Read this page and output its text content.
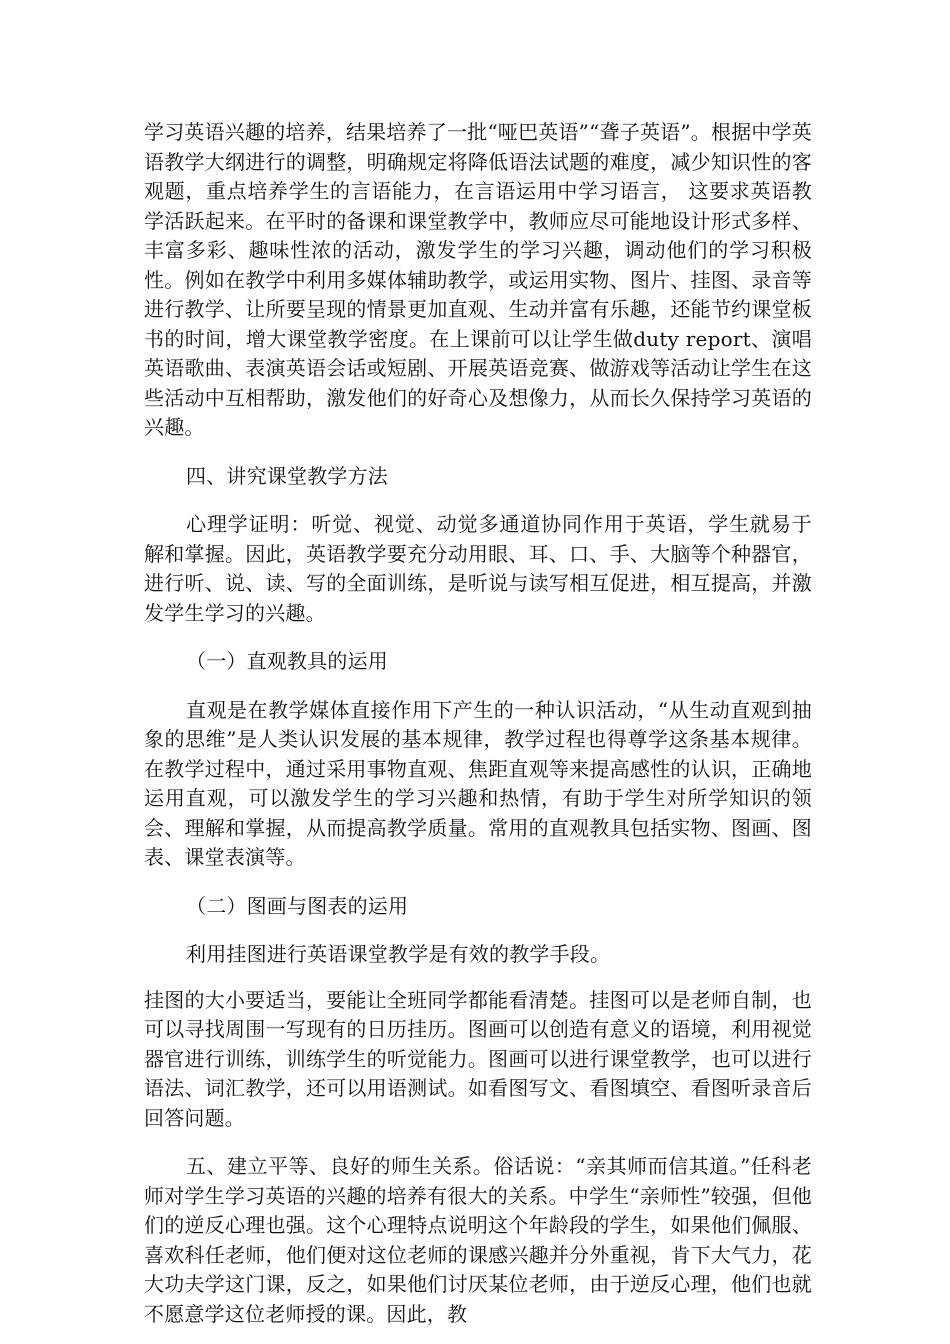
学习英语兴趣的培养，结果培养了一批“哑巴英语”“聋子英语”。根据中学英语教学大纲进行的调整，明确规定将降低语法试题的难度，减少知识性的客观题，重点培养学生的言语能力，在言语运用中学习语言， 这要求英语教学活跃起来。在平时的备课和课堂教学中，教师应尽可能地设计形式多样、丰富多彩、趣味性浓的活动，激发学生的学习兴趣，调动他们的学习积极性。例如在教学中利用多媒体辅助教学，或运用实物、图片、挂图、录音等进行教学、让所要呈现的情景更加直观、生动并富有乐趣，还能节约课堂板书的时间，增大课堂教学密度。在上课前可以让学生做duty report、演唱英语歌曲、表演英语会话或短剧、开展英语竞赛、做游戏等活动让学生在这些活动中互相帮助，激发他们的好奇心及想像力，从而长久保持学习英语的兴趣。

四、讲究课堂教学方法

心理学证明：听觉、视觉、动觉多通道协同作用于英语，学生就易于解和掌握。因此，英语教学要充分动用眼、耳、口、手、大脑等个种器官，进行听、说、读、写的全面训练，是听说与读写相互促进，相互提高，并激发学生学习的兴趣。

（一）直观教具的运用

直观是在教学媒体直接作用下产生的一种认识活动，“从生动直观到抽象的思维”是人类认识发展的基本规律，教学过程也得尊学这条基本规律。在教学过程中，通过采用事物直观、焦距直观等来提高感性的认识，正确地运用直观，可以激发学生的学习兴趣和热情，有助于学生对所学知识的领会、理解和掌握，从而提高教学质量。常用的直观教具包括实物、图画、图表、课堂表演等。

（二）图画与图表的运用

利用挂图进行英语课堂教学是有效的教学手段。

挂图的大小要适当，要能让全班同学都能看清楚。挂图可以是老师自制，也可以寻找周围一写现有的日历挂历。图画可以创造有意义的语境，利用视觉器官进行训练，训练学生的听觉能力。图画可以进行课堂教学，也可以进行语法、词汇教学，还可以用语测试。如看图写文、看图填空、看图听录音后回答问题。

五、建立平等、良好的师生关系。俗话说：“亲其师而信其道。”任科老师对学生学习英语的兴趣的培养有很大的关系。中学生“亲师性”较强，但他们的逆反心理也强。这个心理特点说明这个年龄段的学生，如果他们佩服、喜欢科任老师，他们便对这位老师的课感兴趣并分外重视，肯下大气力，花大功夫学这门课，反之，如果他们讨厌某位老师，由于逆反心理，他们也就不愿意学这位老师授的课。因此，教
